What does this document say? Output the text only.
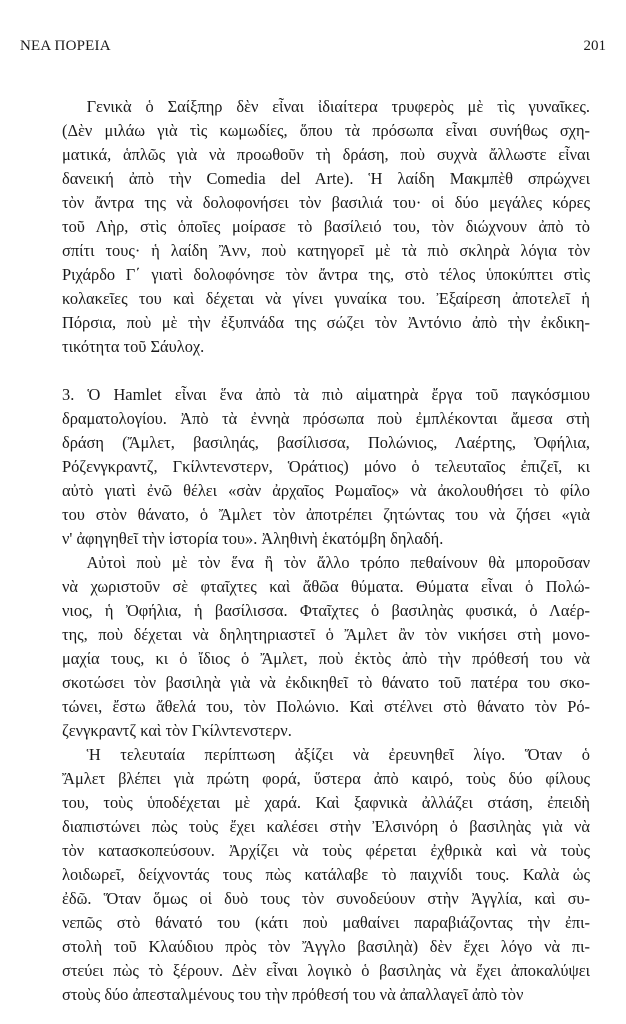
ΝΕΑ ΠΟΡΕΙΑ	201
  Γενικὰ ὁ Σαίξπηρ δὲν εἶναι ἰδιαίτερα τρυφερὸς μὲ τὶς γυναῖκες.
(Δὲν μιλάω γιὰ τὶς κωμωδίες, ὅπου τὰ πρόσωπα εἶναι συνήθως σχη-
ματικά, ἁπλῶς γιὰ νὰ προωθοῦν τὴ δράση, ποὺ συχνὰ ἄλλωστε εἶναι
δανεική ἀπὸ τὴν Comedia del Arte). Ἡ λαίδη Μακμπὲθ σπρώχνει
τὸν ἄντρα της νὰ δολοφονήσει τὸν βασιλιά του· οἱ δύο μεγάλες κόρες
τοῦ Λὴρ, στὶς ὁποῖες μοίρασε τὸ βασίλειό του, τὸν διώχνουν ἀπὸ τὸ
σπίτι τους· ἡ λαίδη Ἂνν, ποὺ κατηγορεῖ μὲ τὰ πιὸ σκληρὰ λόγια τὸν
Ριχάρδο Γ΄ γιατὶ δολοφόνησε τὸν ἄντρα της, στὸ τέλος ὑποκύπτει στὶς
κολακεῖες του καὶ δέχεται νὰ γίνει γυναίκα του. Ἐξαίρεση ἀποτελεῖ ἡ
Πόρσια, ποὺ μὲ τὴν ἐξυπνάδα της σώζει τὸν Ἀντόνιο ἀπὸ τὴν ἐκδικη-
τικότητα τοῦ Σάυλοχ.
3. Ὁ Hamlet εἶναι ἕνα ἀπὸ τὰ πιὸ αἱματηρὰ ἔργα τοῦ παγκόσμιου
δραματολογίου. Ἀπὸ τὰ ἐννηὰ πρόσωπα ποὺ ἐμπλέκονται ἄμεσα στὴ
δράση (Ἄμλετ, βασιληάς, βασίλισσα, Πολώνιος, Λαέρτης, Ὀφήλια,
Ρόζενγκραντζ, Γκίλντενστερν, Ὁράτιος) μόνο ὁ τελευταῖος ἐπιζεῖ, κι
αὐτὸ γιατὶ ἐνῶ θέλει «σὰν ἀρχαῖος Ρωμαῖος» νὰ ἀκολουθήσει τὸ φίλο
του στὸν θάνατο, ὁ Ἄμλετ τὸν ἀποτρέπει ζητώντας του νὰ ζήσει «γιὰ
ν' ἀφηγηθεῖ τὴν ἱστορία του». Ἀληθινὴ ἑκατόμβη δηλαδή.
  Αὐτοὶ ποὺ μὲ τὸν ἕνα ἢ τὸν ἄλλο τρόπο πεθαίνουν θὰ μποροῦσαν
νὰ χωριστοῦν σὲ φταῖχτες καὶ ἄθῶα θύματα. Θύματα εἶναι ὁ Πολώ-
νιος, ἡ Ὀφήλια, ἡ βασίλισσα. Φταῖχτες ὁ βασιληὰς φυσικά, ὁ Λαέρ-
της, ποὺ δέχεται νὰ δηλητηριαστεῖ ὁ Ἄμλετ ἂν τὸν νικήσει στὴ μονο-
μαχία τους, κι ὁ ἴδιος ὁ Ἄμλετ, ποὺ ἐκτὸς ἀπὸ τὴν πρόθεσή του νὰ
σκοτώσει τὸν βασιληὰ γιὰ νὰ ἐκδικηθεῖ τὸ θάνατο τοῦ πατέρα του σκο-
τώνει, ἔστω ἄθελά του, τὸν Πολώνιο. Καὶ στέλνει στὸ θάνατο τὸν Ρό-
ζενγκραντζ καὶ τὸν Γκίλντενστερν.
  Ἡ τελευταία περίπτωση ἀξίζει νὰ ἐρευνηθεῖ λίγο. Ὅταν ὁ
Ἄμλετ βλέπει γιὰ πρώτη φορά, ὕστερα ἀπὸ καιρό, τοὺς δύο φίλους
του, τοὺς ὑποδέχεται μὲ χαρά. Καὶ ξαφνικὰ ἀλλάζει στάση, ἐπειδὴ
διαπιστώνει πὼς τοὺς ἔχει καλέσει στὴν Ἐλσινόρη ὁ βασιληὰς γιὰ νὰ
τὸν κατασκοπεύσουν. Ἀρχίζει νὰ τοὺς φέρεται ἐχθρικὰ καὶ νὰ τοὺς
λοιδωρεῖ, δείχνοντάς τους πὼς κατάλαβε τὸ παιχνίδι τους. Καλὰ ὡς
ἐδῶ. Ὅταν ὅμως οἱ δυὸ τους τὸν συνοδεύουν στὴν Ἀγγλία, καὶ συ-
νεπῶς στὸ θάνατό του (κάτι ποὺ μαθαίνει παραβιάζοντας τὴν ἐπι-
στολὴ τοῦ Κλαύδιου πρὸς τὸν Ἄγγλο βασιληὰ) δὲν ἔχει λόγο νὰ πι-
στεύει πὼς τὸ ξέρουν. Δὲν εἶναι λογικὸ ὁ βασιληὰς νὰ ἔχει ἀποκαλύψει
στοὺς δύο ἀπεσταλμένους του τὴν πρόθεσή του νὰ ἀπαλλαγεῖ ἀπὸ τὸν
